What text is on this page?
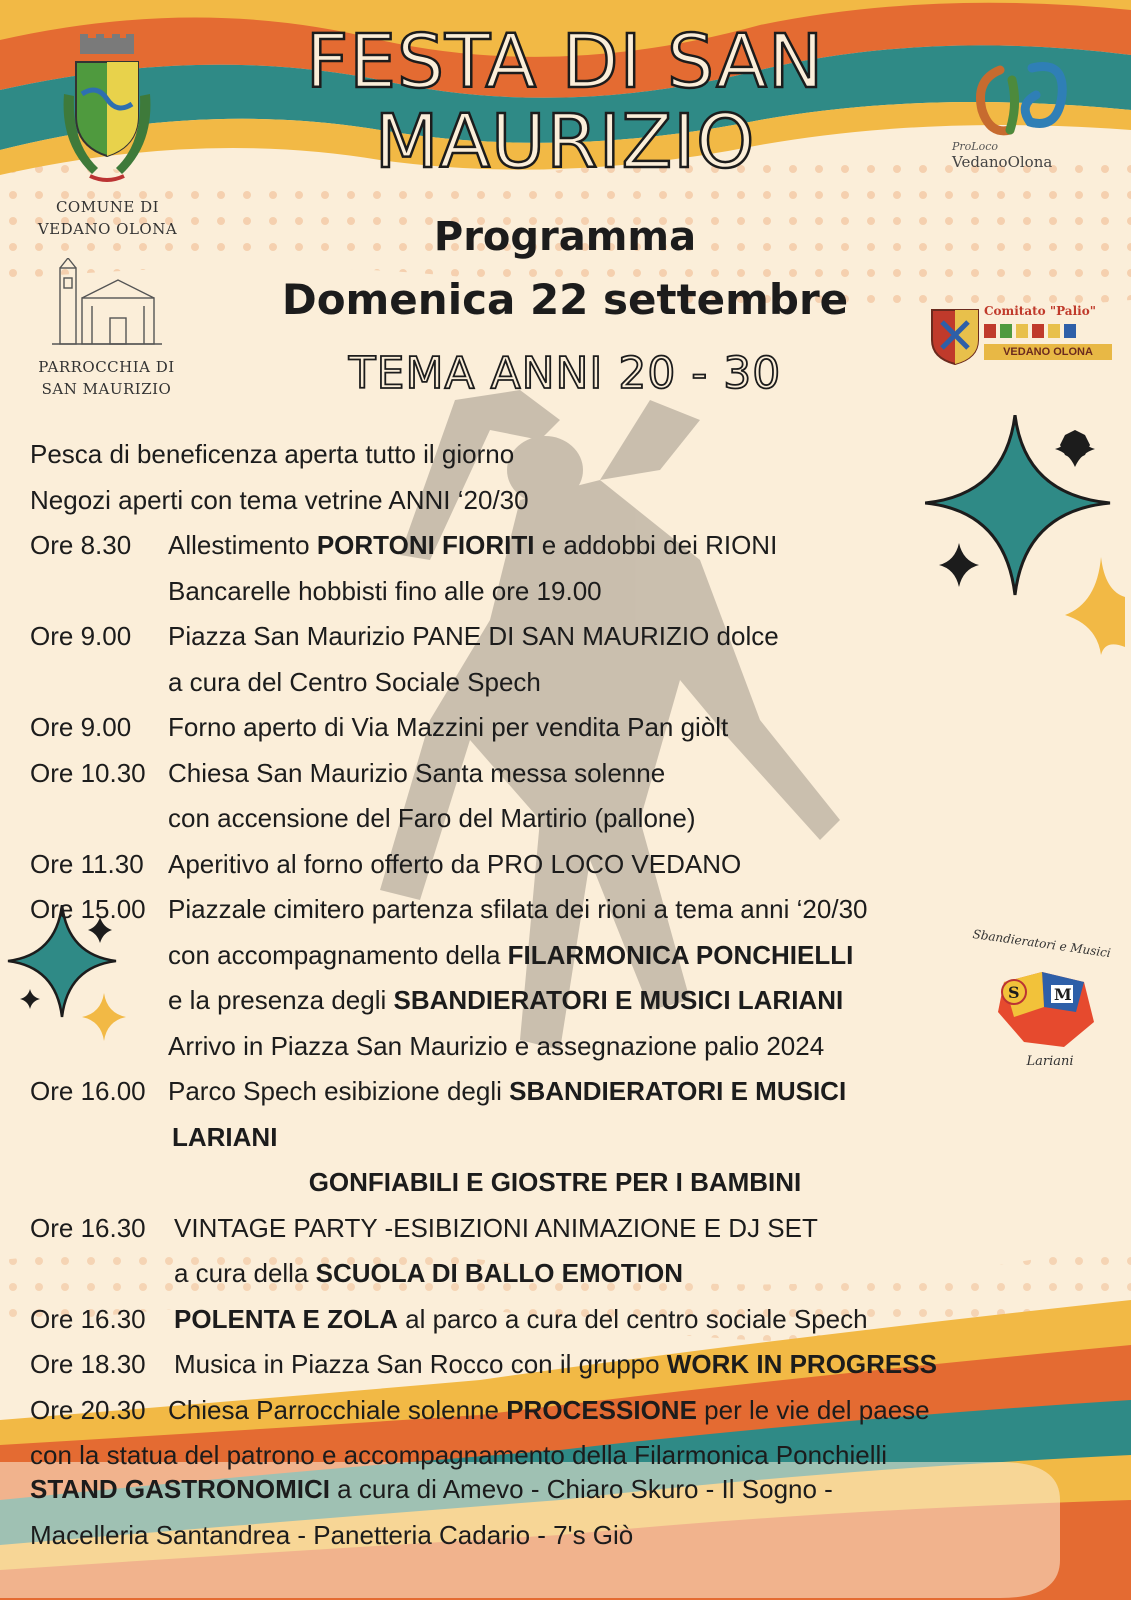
COMUNE DI
VEDANO OLONA
PARROCCHIA DI
SAN MAURIZIO
FESTA DI SAN
MAURIZIO
Programma
Domenica 22 settembre
TEMA ANNI 20 - 30
ProLoco
VedanoOlona
Comitato "Palio"
VEDANO OLONA
Sbandieratori e Musici
S M
Lariani
Pesca di beneficenza aperta tutto il giorno
Negozi aperti con tema vetrine ANNI ‘20/30
Ore 8.30 Allestimento PORTONI FIORITI e addobbi dei RIONI
Bancarelle hobbisti fino alle ore 19.00
Ore 9.00 Piazza San Maurizio PANE DI SAN MAURIZIO dolce
a cura del Centro Sociale Spech
Ore 9.00 Forno aperto di Via Mazzini per vendita Pan giòlt
Ore 10.30 Chiesa San Maurizio Santa messa solenne
con accensione del Faro del Martirio (pallone)
Ore 11.30 Aperitivo al forno offerto da PRO LOCO VEDANO
Ore 15.00 Piazzale cimitero partenza sfilata dei rioni a tema anni ‘20/30
con accompagnamento della FILARMONICA PONCHIELLI
e la presenza degli SBANDIERATORI E MUSICI LARIANI
Arrivo in Piazza San Maurizio e assegnazione palio 2024
Ore 16.00 Parco Spech esibizione degli SBANDIERATORI E MUSICI
LARIANI
GONFIABILI E GIOSTRE PER I BAMBINI
Ore 16.30 VINTAGE PARTY -ESIBIZIONI ANIMAZIONE E DJ SET
a cura della SCUOLA DI BALLO EMOTION
Ore 16.30 POLENTA E ZOLA al parco a cura del centro sociale Spech
Ore 18.30 Musica in Piazza San Rocco con il gruppo WORK IN PROGRESS
Ore 20.30 Chiesa Parrocchiale solenne PROCESSIONE per le vie del paese
con la statua del patrono e accompagnamento della Filarmonica Ponchielli
STAND GASTRONOMICI a cura di Amevo - Chiaro Skuro - Il Sogno -
Macelleria Santandrea - Panetteria Cadario - 7's Giò
